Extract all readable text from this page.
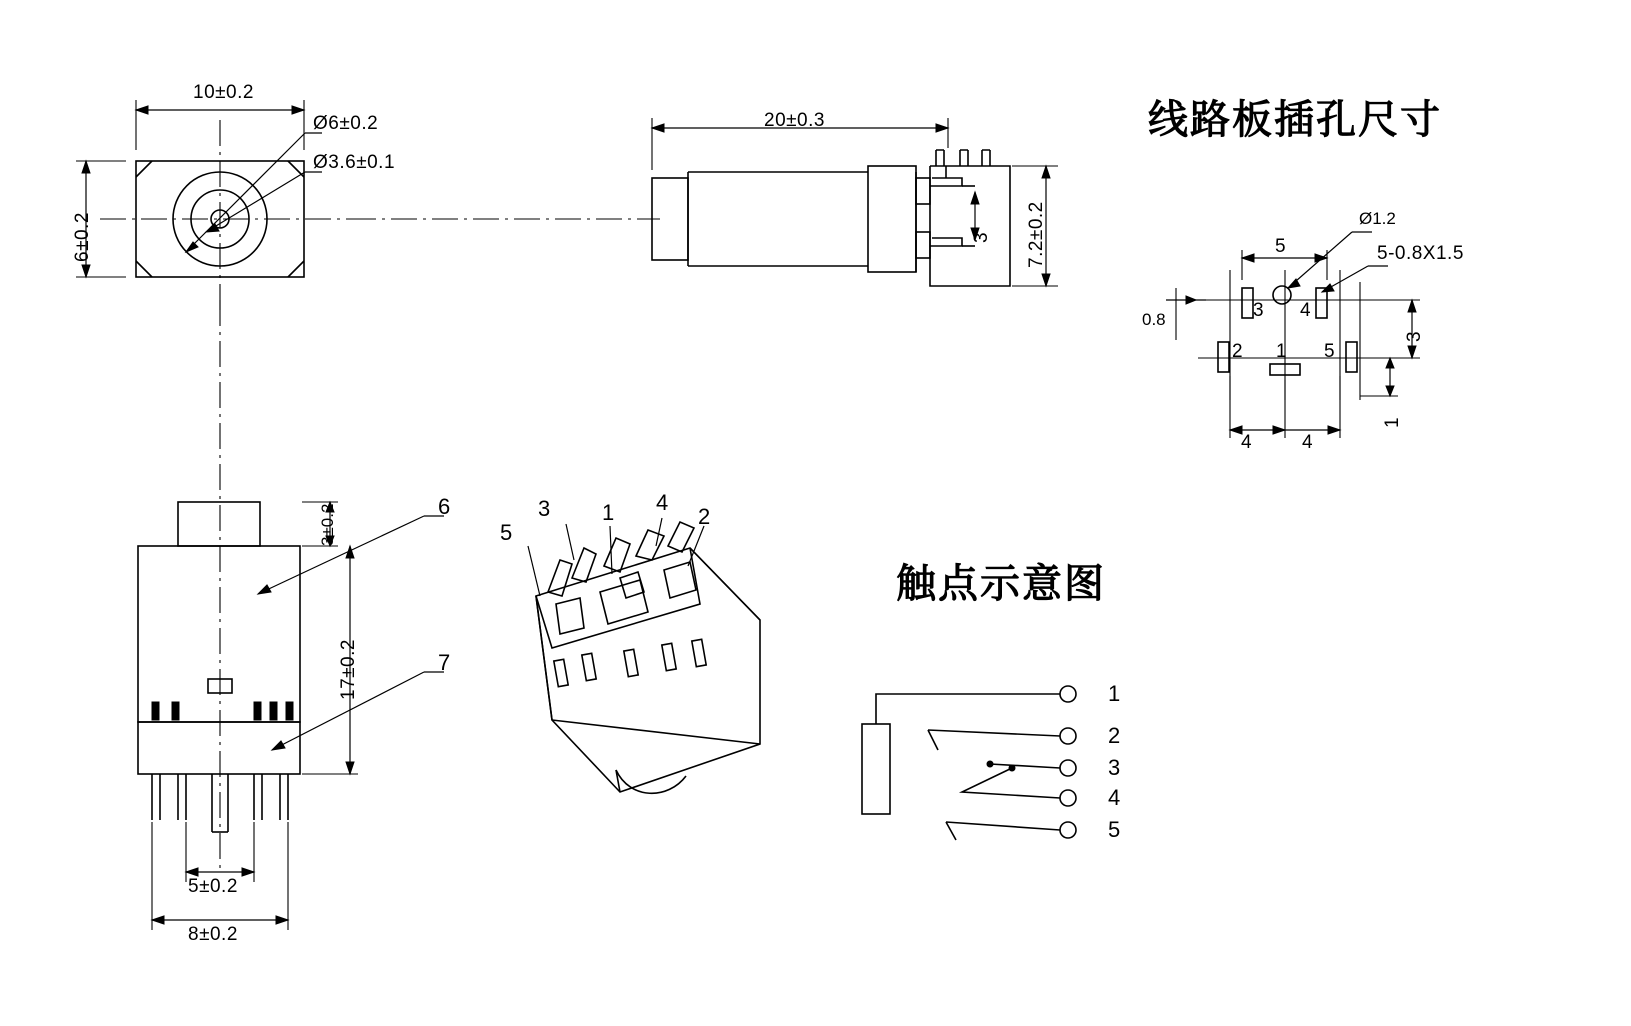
10±0.2
6±0.2
Ø6±0.2
Ø3.6±0.1
20±0.3
7.2±0.2
3
3±0.2
17±0.2
5±0.2
8±0.2
6
7
5
3 1 4
2
线路板插孔尺寸
Ø1.2
5-0.8X1.5
5
0.8
3
1
4	4
3 4
2 1 5
触点示意图
1
2
3
4
5
